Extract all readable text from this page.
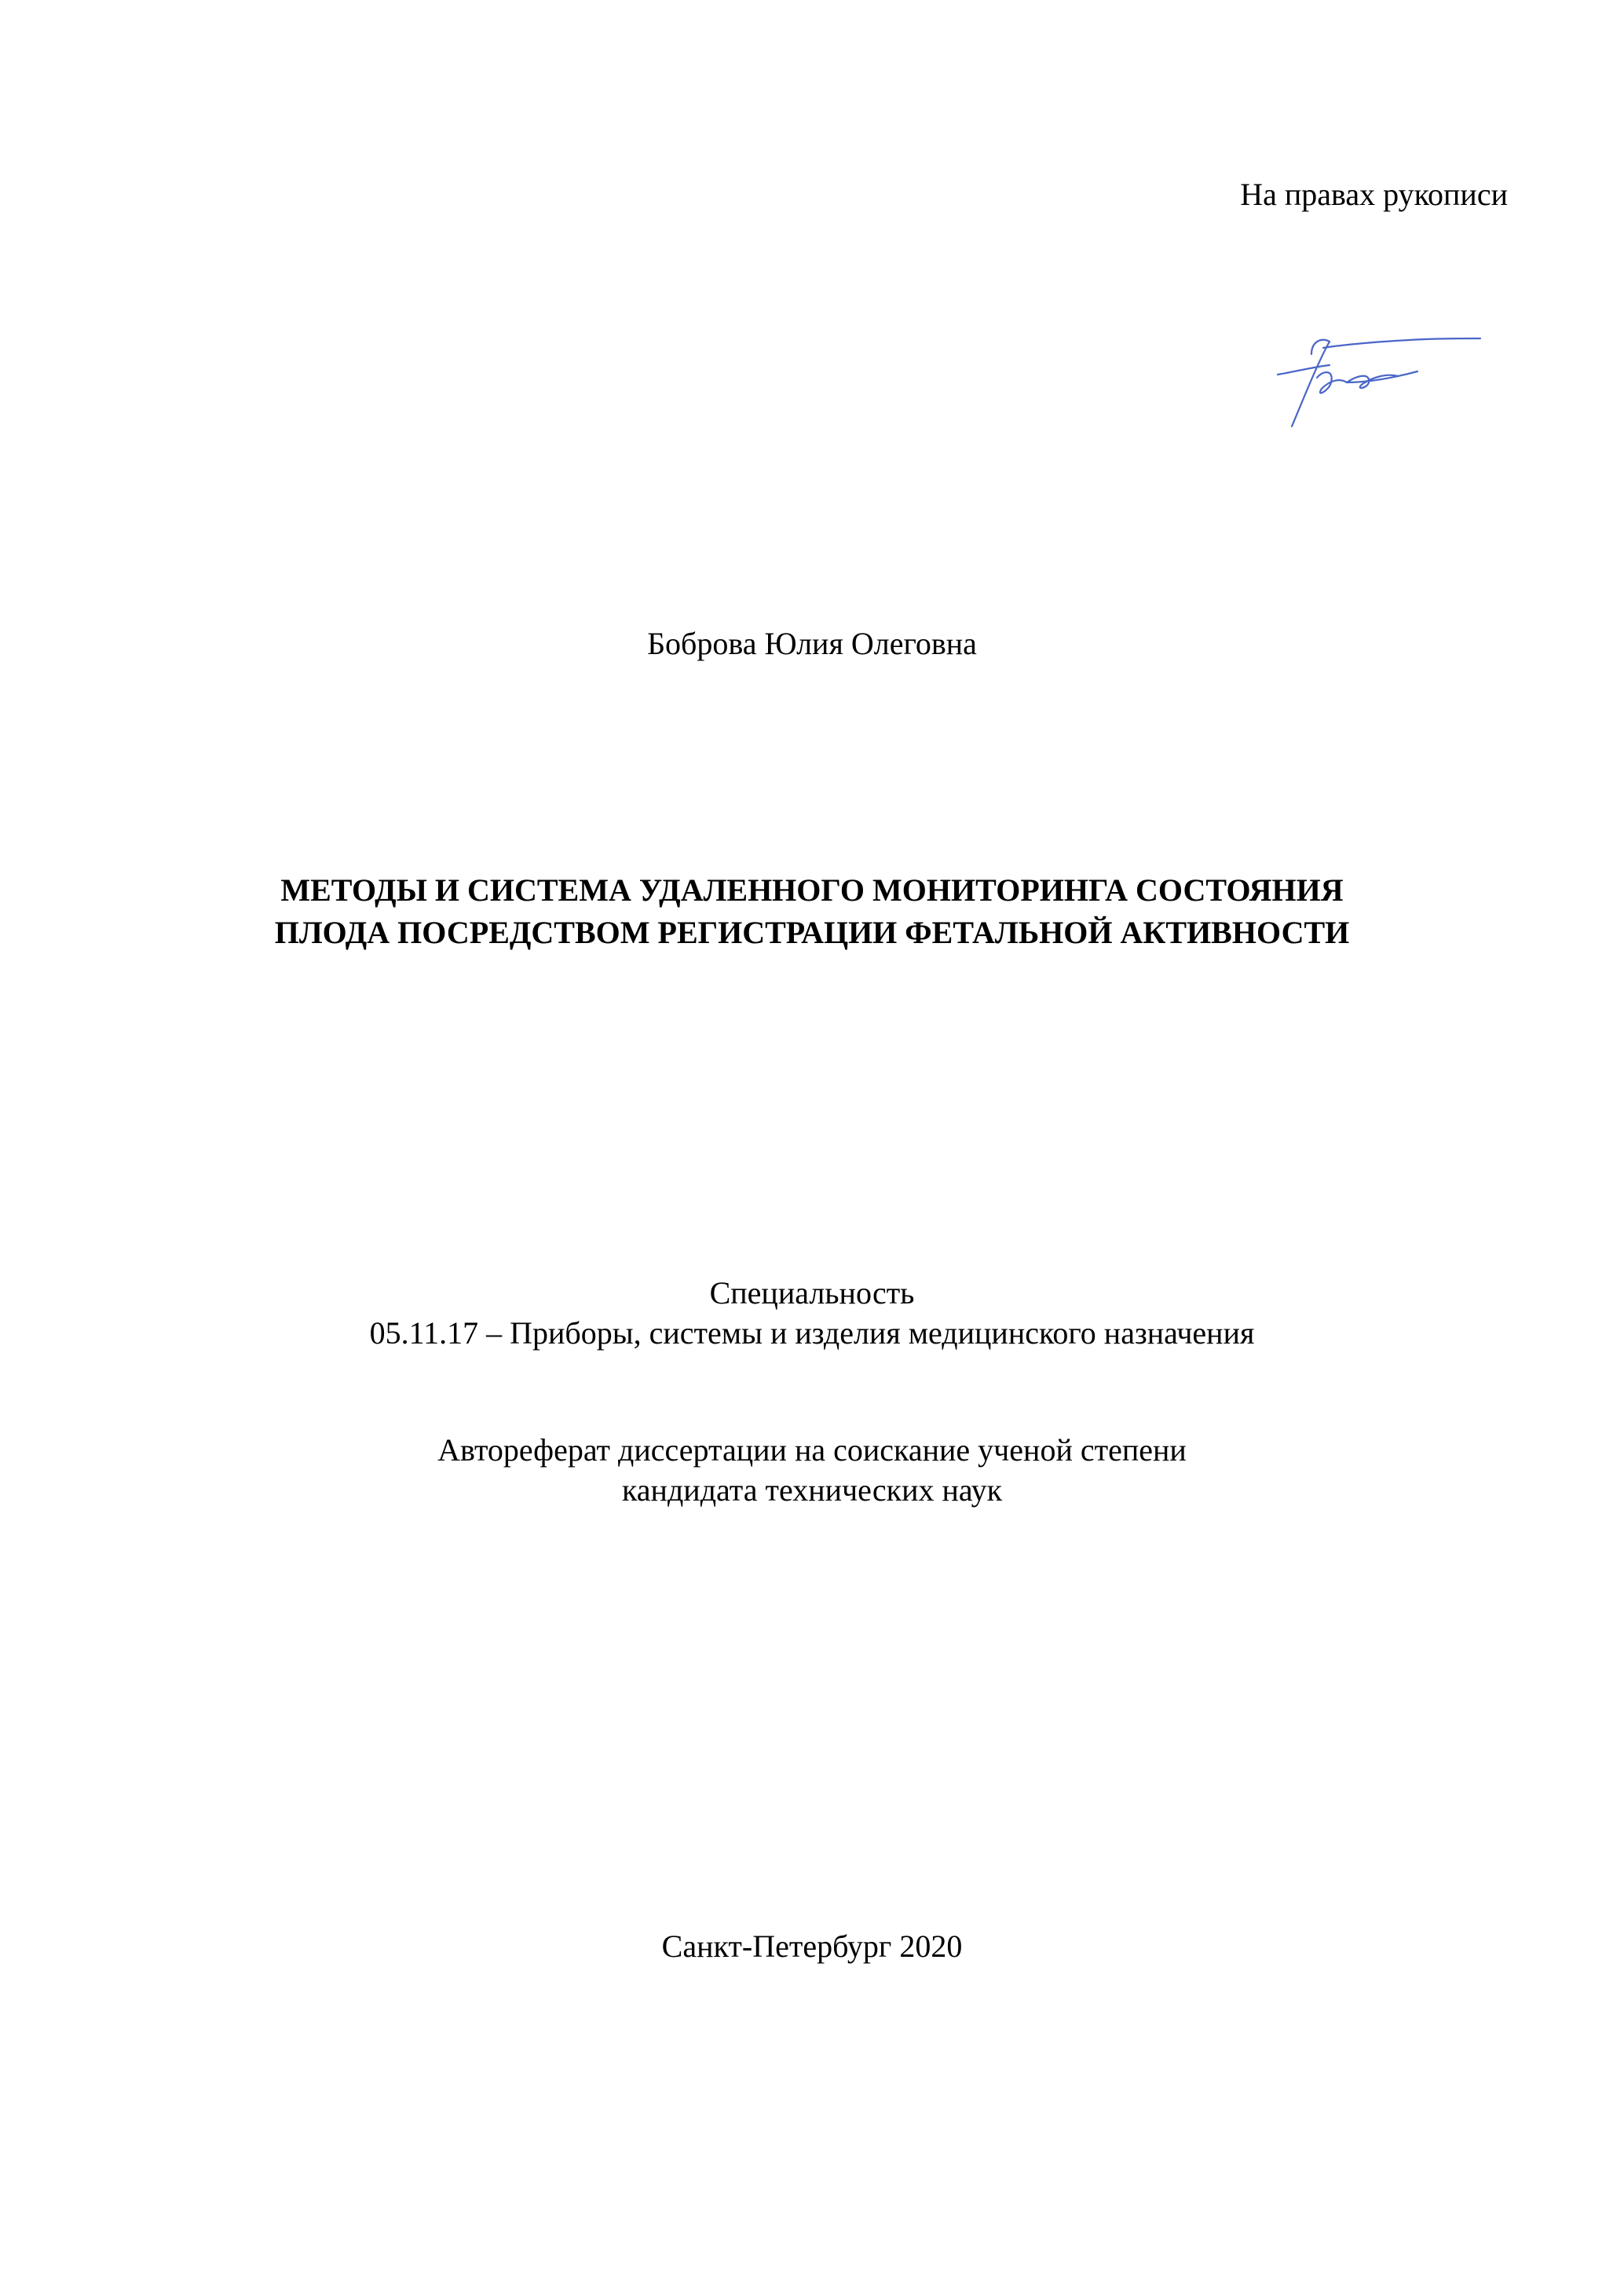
На правах рукописи
Боброва Юлия Олеговна
МЕТОДЫ И СИСТЕМА УДАЛЕННОГО МОНИТОРИНГА СОСТОЯНИЯ
ПЛОДА ПОСРЕДСТВОМ РЕГИСТРАЦИИ ФЕТАЛЬНОЙ АКТИВНОСТИ
Специальность
05.11.17 – Приборы, системы и изделия медицинского назначения
Автореферат диссертации на соискание ученой степени
кандидата технических наук
Санкт-Петербург 2020
